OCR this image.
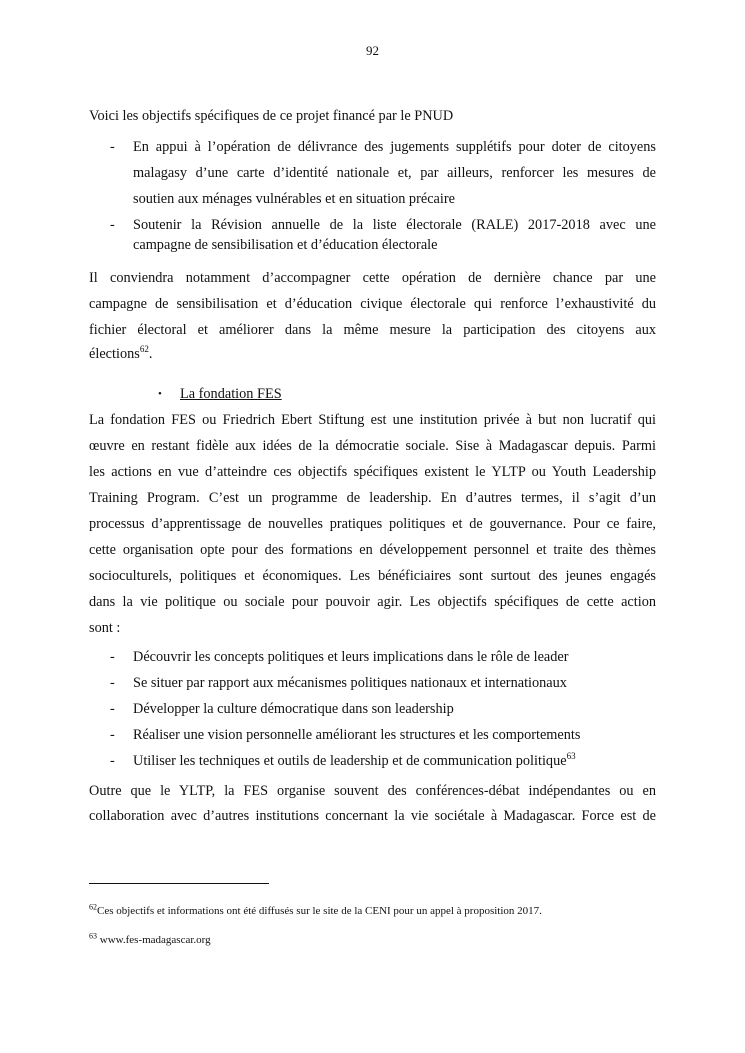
92
Voici les objectifs spécifiques de ce projet financé par le PNUD
- En appui à l’opération de délivrance des jugements supplétifs pour doter de citoyens
malagasy d’une carte d’identité nationale et, par ailleurs, renforcer les mesures de
soutien aux ménages vulnérables et en situation précaire
- Soutenir la Révision annuelle de la liste électorale (RALE) 2017-2018 avec une
campagne de sensibilisation et d’éducation électorale
Il conviendra notamment d’accompagner cette opération de dernière chance par une
campagne de sensibilisation et d’éducation civique électorale qui renforce l’exhaustivité du
fichier électoral et améliorer dans la même mesure la participation des citoyens aux
élections$^{62}$.
• La fondation FES
La fondation FES ou Friedrich Ebert Stiftung est une institution privée à but non lucratif qui
œuvre en restant fidèle aux idées de la démocratie sociale. Sise à Madagascar depuis. Parmi
les actions en vue d’atteindre ces objectifs spécifiques existent le YLTP ou Youth Leadership
Training Program. C’est un programme de leadership. En d’autres termes, il s’agit d’un
processus d’apprentissage de nouvelles pratiques politiques et de gouvernance. Pour ce faire,
cette organisation opte pour des formations en développement personnel et traite des thèmes
socioculturels, politiques et économiques. Les bénéficiaires sont surtout des jeunes engagés
dans la vie politique ou sociale pour pouvoir agir. Les objectifs spécifiques de cette action
sont :
- Découvrir les concepts politiques et leurs implications dans le rôle de leader
- Se situer par rapport aux mécanismes politiques nationaux et internationaux
- Développer la culture démocratique dans son leadership
- Réaliser une vision personnelle améliorant les structures et les comportements
- Utiliser les techniques et outils de leadership et de communication politique$^{63}$
Outre que le YLTP, la FES organise souvent des conférences-débat indépendantes ou en
collaboration avec d’autres institutions concernant la vie sociétale à Madagascar. Force est de
$^{62}$Ces objectifs et informations ont été diffusés sur le site de la CENI pour un appel à proposition 2017.
$^{63}$ www.fes-madagascar.org
